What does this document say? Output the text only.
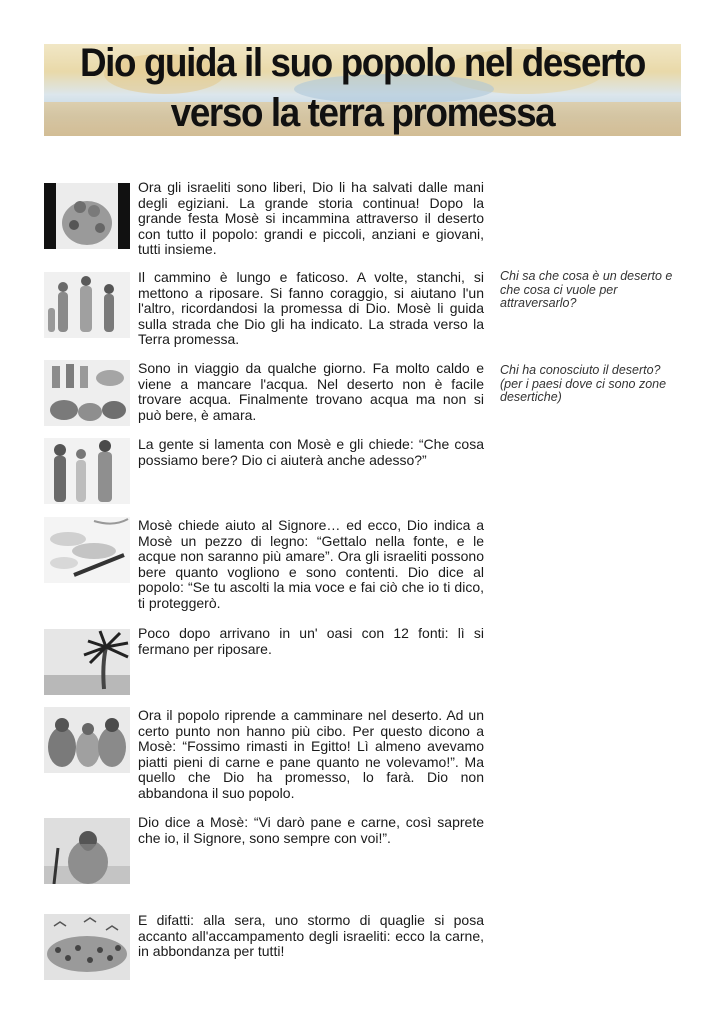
Dio guida il suo popolo nel deserto
verso la terra promessa

Ora gli israeliti sono liberi, Dio li ha salvati dalle mani degli egiziani. La grande storia continua! Dopo la grande festa Mosè si incammina attraverso il deserto con tutto il popolo: grandi e piccoli, anziani e giovani, tutti insieme.

Il cammino è lungo e faticoso. A volte, stanchi, si mettono a riposare. Si fanno coraggio, si aiutano l'un l'altro, ricordandosi la promessa di Dio. Mosè li guida sulla strada che Dio gli ha indicato. La strada verso la Terra promessa.

Chi sa che cosa è un deserto e che cosa ci vuole per attraversarlo?

Sono in viaggio da qualche giorno. Fa molto caldo e viene a mancare l'acqua. Nel deserto non è facile trovare acqua. Finalmente trovano acqua ma non si può bere, è amara.

Chi ha conosciuto il deserto? (per i paesi dove ci sono zone desertiche)

La gente si lamenta con Mosè e gli chiede: “Che cosa possiamo bere? Dio ci aiuterà anche adesso?”

Mosè chiede aiuto al Signore… ed ecco, Dio indica a Mosè un pezzo di legno: “Gettalo nella fonte, e le acque non saranno più amare”. Ora gli israeliti possono bere quanto vogliono e sono contenti. Dio dice al popolo: “Se tu ascolti la mia voce e fai ciò che io ti dico, ti proteggerò.

Poco dopo arrivano in un' oasi con 12 fonti: lì si fermano per riposare.

Ora il popolo riprende a camminare nel deserto. Ad un certo punto non hanno più cibo. Per questo dicono a Mosè: “Fossimo rimasti in Egitto! Lì almeno avevamo piatti pieni di carne e pane quanto ne volevamo!”. Ma quello che Dio ha promesso, lo farà. Dio non abbandona il suo popolo.

Dio dice a Mosè: “Vi darò pane e carne, così saprete che io, il Signore, sono sempre con voi!”.

E difatti: alla sera, uno stormo di quaglie si posa accanto all'accampamento degli israeliti: ecco la carne, in abbondanza per tutti!
